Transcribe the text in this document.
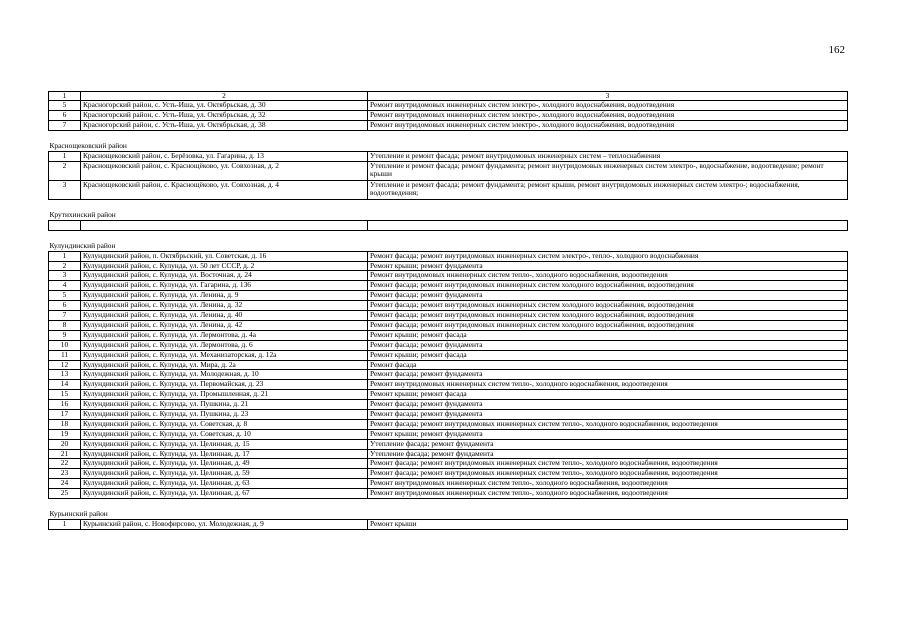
162
1	2	3
5	Красногорский район, с. Усть-Иша, ул. Октябрьская, д. 30	Ремонт внутридомовых инженерных систем электро-, холодного водоснабжения, водоотведения
6	Красногорский район, с. Усть-Иша, ул. Октябрьская, д. 32	Ремонт внутридомовых инженерных систем электро-, холодного водоснабжения, водоотведения
7	Красногорский район, с. Усть-Иша, ул. Октябрьская, д. 38	Ремонт внутридомовых инженерных систем электро-, холодного водоснабжения, водоотведения

Краснощековский район		
1	Краснощековский район, с. Берёзовка, ул. Гагарина, д. 13	Утепление и ремонт фасада; ремонт внутридомовых инженерных систем – теплоснабжения
2	Краснощековский район, с. Краснощёково, ул. Совхозная, д. 2	Утепление и ремонт фасада; ремонт фундамента; ремонт внутридомовых инженерных систем электро-, водоснабжение, водоотведение; ремонт крыши
3	Краснощековский район, с. Краснощёково, ул. Совхозная, д. 4	Утепление и ремонт фасада; ремонт фундамента; ремонт крыши, ремонт внутридомовых инженерных систем электро-; водоснабжения, водоотведения;

Крутихинский район		

Кулундинский район		
1	Кулундинский район, п. Октябрьский, ул. Советская, д. 16	Ремонт фасада; ремонт внутридомовых инженерных систем электро-, тепло-, холодного водоснабжения
2	Кулундинский район, с. Кулунда, ул. 50 лет СССР, д. 2	Ремонт крыши; ремонт фундамента
3	Кулундинский район, с. Кулунда, ул. Восточная, д. 24	Ремонт внутридомовых инженерных систем тепло-, холодного водоснабжения, водоотведения
4	Кулундинский район, с. Кулунда, ул. Гагарина, д. 136	Ремонт фасада; ремонт внутридомовых инженерных систем холодного водоснабжения, водоотведения
5	Кулундинский район, с. Кулунда, ул. Ленина, д. 9	Ремонт фасада; ремонт фундамента
6	Кулундинский район, с. Кулунда, ул. Ленина, д. 32	Ремонт фасада; ремонт внутридомовых инженерных систем холодного водоснабжения, водоотведения
7	Кулундинский район, с. Кулунда, ул. Ленина, д. 40	Ремонт фасада; ремонт внутридомовых инженерных систем холодного водоснабжения, водоотведения
8	Кулундинский район, с. Кулунда, ул. Ленина, д. 42	Ремонт фасада; ремонт внутридомовых инженерных систем холодного водоснабжения, водоотведения
9	Кулундинский район, с. Кулунда, ул. Лермонтова, д. 4а	Ремонт крыши; ремонт фасада
10	Кулундинский район, с. Кулунда, ул. Лермонтова, д. 6	Ремонт фасада; ремонт фундамента
11	Кулундинский район, с. Кулунда, ул. Механизаторская, д. 12а	Ремонт крыши; ремонт фасада
12	Кулундинский район, с. Кулунда, ул. Мира, д. 2а	Ремонт фасада
13	Кулундинский район, с. Кулунда, ул. Молодежная, д. 10	Ремонт фасада; ремонт фундамента
14	Кулундинский район, с. Кулунда, ул. Первомайская, д. 23	Ремонт внутридомовых инженерных систем тепло-, холодного водоснабжения, водоотведения
15	Кулундинский район, с. Кулунда, ул. Промышленная, д. 21	Ремонт крыши; ремонт фасада
16	Кулундинский район, с. Кулунда, ул. Пушкина, д. 21	Ремонт фасада; ремонт фундамента
17	Кулундинский район, с. Кулунда, ул. Пушкина, д. 23	Ремонт фасада; ремонт фундамента
18	Кулундинский район, с. Кулунда, ул. Советская, д. 8	Ремонт фасада; ремонт внутридомовых инженерных систем тепло-, холодного водоснабжения, водоотведения
19	Кулундинский район, с. Кулунда, ул. Советская, д. 10	Ремонт крыши; ремонт фундамента
20	Кулундинский район, с. Кулунда, ул. Целинная, д. 15	Утепление фасада; ремонт фундамента
21	Кулундинский район, с. Кулунда, ул. Целинная, д. 17	Утепление фасада; ремонт фундамента
22	Кулундинский район, с. Кулунда, ул. Целинная, д. 49	Ремонт фасада; ремонт внутридомовых инженерных систем тепло-, холодного водоснабжения, водоотведения
23	Кулундинский район, с. Кулунда, ул. Целинная, д. 59	Ремонт фасада; ремонт внутридомовых инженерных систем тепло-, холодного водоснабжения, водоотведения
24	Кулундинский район, с. Кулунда, ул. Целинная, д. 63	Ремонт внутридомовых инженерных систем тепло-, холодного водоснабжения, водоотведения
25	Кулундинский район, с. Кулунда, ул. Целинная, д. 67	Ремонт внутридомовых инженерных систем тепло-, холодного водоснабжения, водоотведения

Курьинский район		
1	Курьинский район, с. Новофирсово, ул. Молодежная, д. 9	Ремонт крыши
